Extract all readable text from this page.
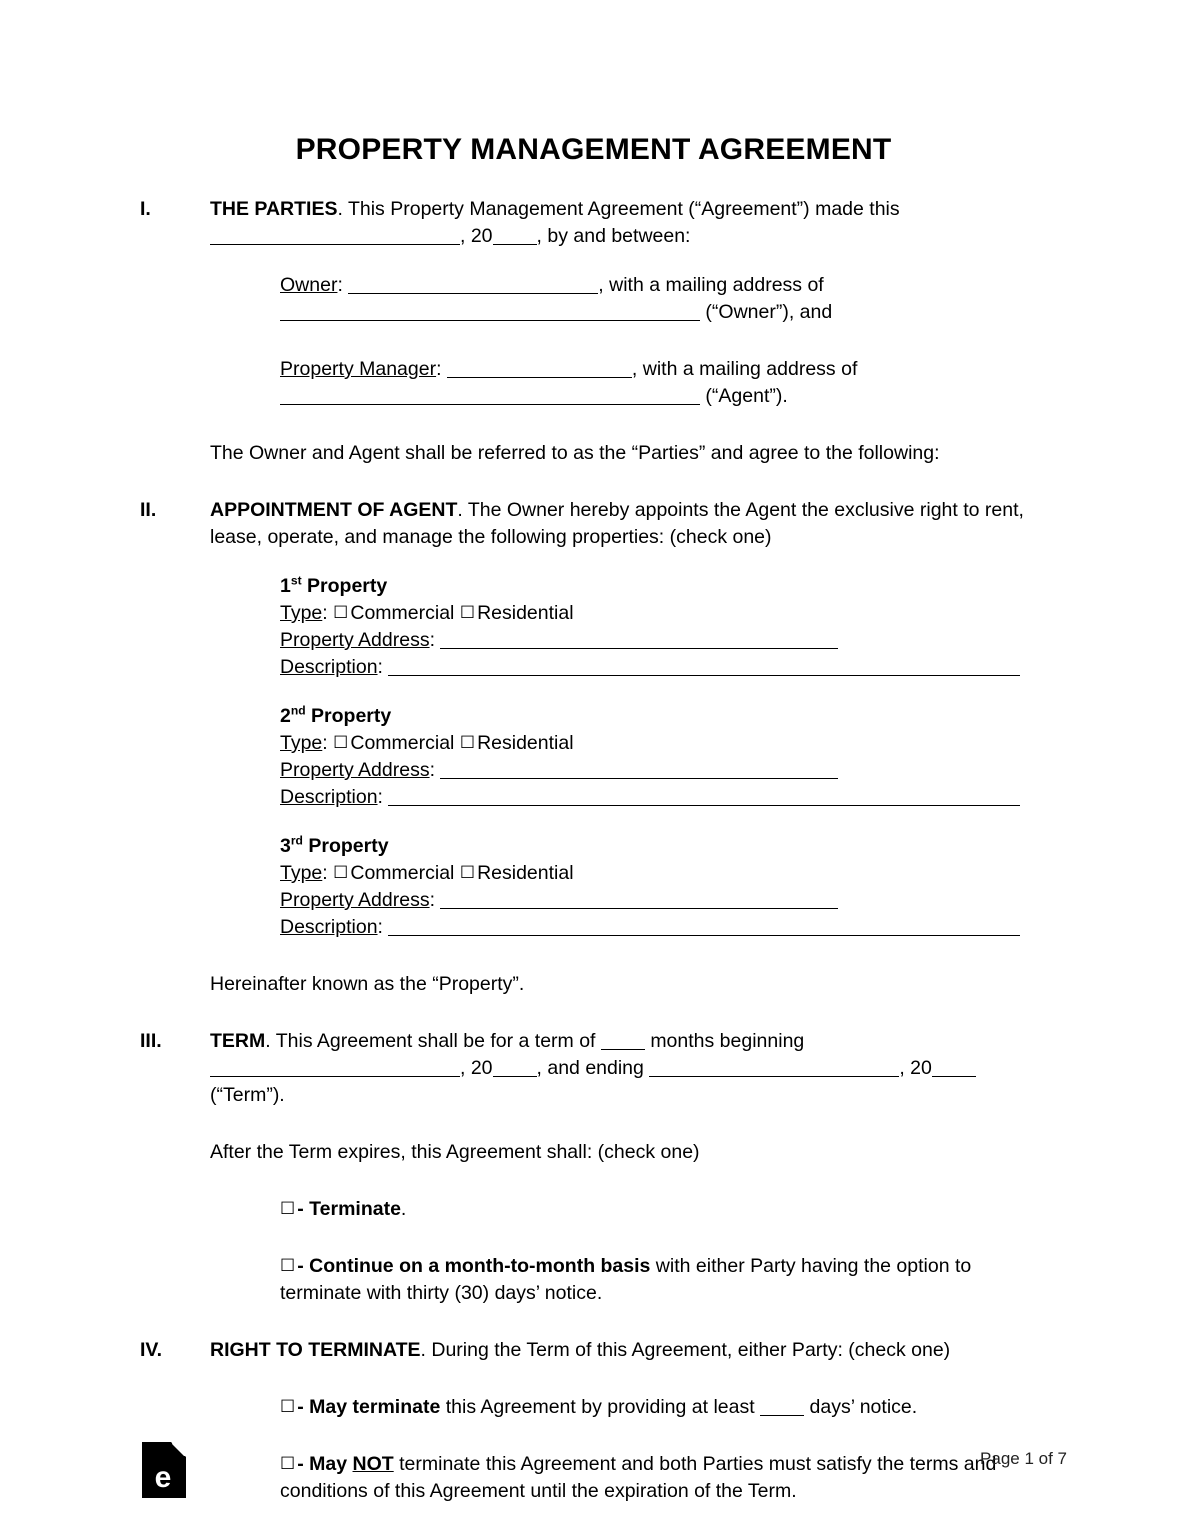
PROPERTY MANAGEMENT AGREEMENT
I.	THE PARTIES. This Property Management Agreement (“Agreement”) made this
, 20 , by and between:
Owner:	, with a mailing address of
(“Owner”), and
Property Manager:	, with a mailing address of
(“Agent”).
The Owner and Agent shall be referred to as the “Parties” and agree to the following:
II.	APPOINTMENT OF AGENT. The Owner hereby appoints the Agent the exclusive right to rent, lease, operate, and manage the following properties: (check one)
1st Property
Type: ☐ Commercial ☐ Residential
Property Address:
Description:
2nd Property
Type: ☐ Commercial ☐ Residential
Property Address:
Description:
3rd Property
Type: ☐ Commercial ☐ Residential
Property Address:
Description:
Hereinafter known as the “Property”.
III.	TERM. This Agreement shall be for a term of	months beginning
, 20 , and ending	, 20 (“Term”).
After the Term expires, this Agreement shall: (check one)
☐ - Terminate.
☐ - Continue on a month-to-month basis with either Party having the option to terminate with thirty (30) days’ notice.
IV.	RIGHT TO TERMINATE. During the Term of this Agreement, either Party: (check one)
☐ - May terminate this Agreement by providing at least	days’ notice.
☐ - May NOT terminate this Agreement and both Parties must satisfy the terms and conditions of this Agreement until the expiration of the Term.
e
Page 1 of 7
